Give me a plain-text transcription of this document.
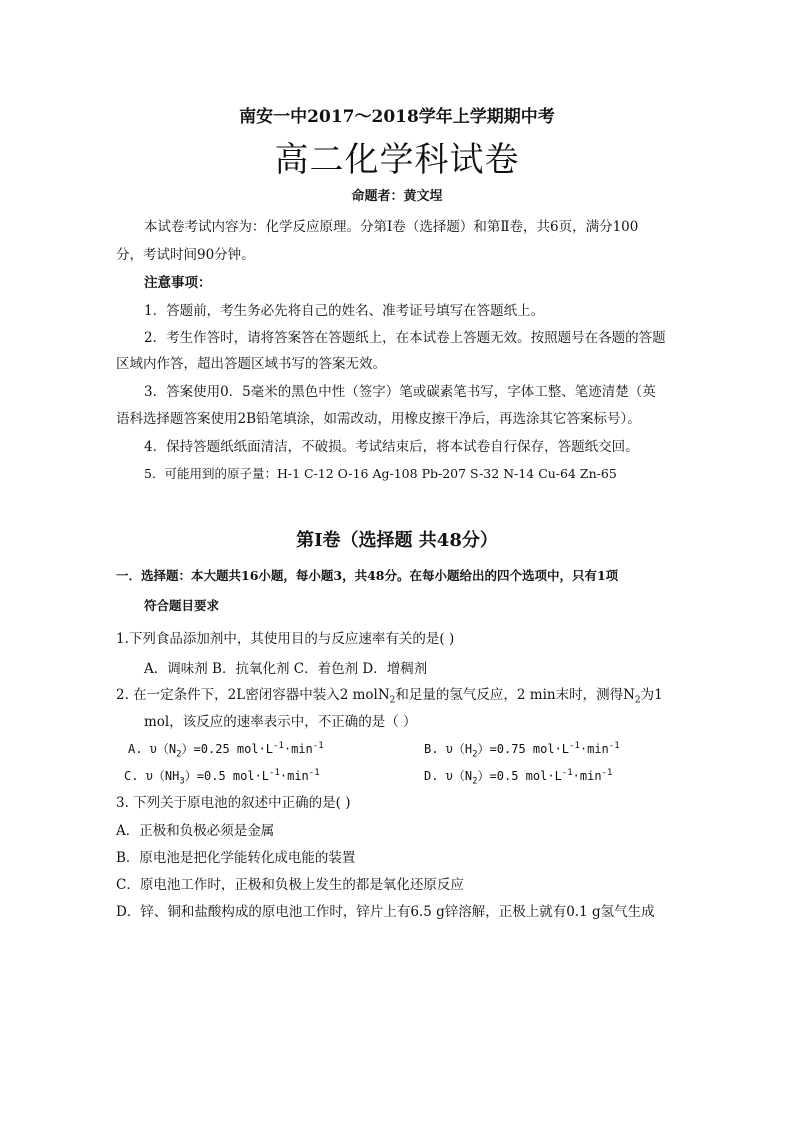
南安一中2017～2018学年上学期期中考
高二化学科试卷
命题者：黄文埕
本试卷考试内容为：化学反应原理。分第Ⅰ卷（选择题）和第Ⅱ卷，共6页，满分100
分，考试时间90分钟。
注意事项：
1．答题前，考生务必先将自己的姓名、准考证号填写在答题纸上。
2．考生作答时，请将答案答在答题纸上，在本试卷上答题无效。按照题号在各题的答题
区域内作答，超出答题区域书写的答案无效。
3．答案使用0．5毫米的黑色中性（签字）笔或碳素笔书写，字体工整、笔迹清楚（英
语科选择题答案使用2B铅笔填涂，如需改动，用橡皮擦干净后，再选涂其它答案标号）。
4．保持答题纸纸面清洁，不破损。考试结束后，将本试卷自行保存，答题纸交回。
5．可能用到的原子量：H-1 C-12 O-16 Ag-108 Pb-207 S-32 N-14 Cu-64 Zn-65
第Ⅰ卷（选择题 共48分）
一．选择题：本大题共16小题，每小题3，共48分。在每小题给出的四个选项中，只有1项
符合题目要求
1.下列食品添加剂中，其使用目的与反应速率有关的是( )
A．调味剂 B．抗氧化剂 C．着色剂 D．增稠剂
2. 在一定条件下，2L密闭容器中装入2 molN$_2$和足量的氢气反应，2 min末时，测得$N_2$为1
mol，该反应的速率表示中，不正确的是（ ）
A. $\upsilon(N_2)=0.25$ $mol\cdot L^{-1}\cdot\min^{-1}$	B. $\upsilon(H_2)=0.75$ $mol\cdot L^{-1}\cdot\min^{-1}$
C. $\upsilon(NH_3)=0.5$ $mol\cdot L^{-1}\cdot\min^{-1}$	D. $\upsilon(N_2)=0.5$ $mol\cdot L^{-1}\cdot\min^{-1}$
3. 下列关于原电池的叙述中正确的是( )
A．正极和负极必须是金属
B．原电池是把化学能转化成电能的装置
C．原电池工作时，正极和负极上发生的都是氧化还原反应
D．锌、铜和盐酸构成的原电池工作时，锌片上有6.5 g锌溶解，正极上就有0.1 g氢气生成
